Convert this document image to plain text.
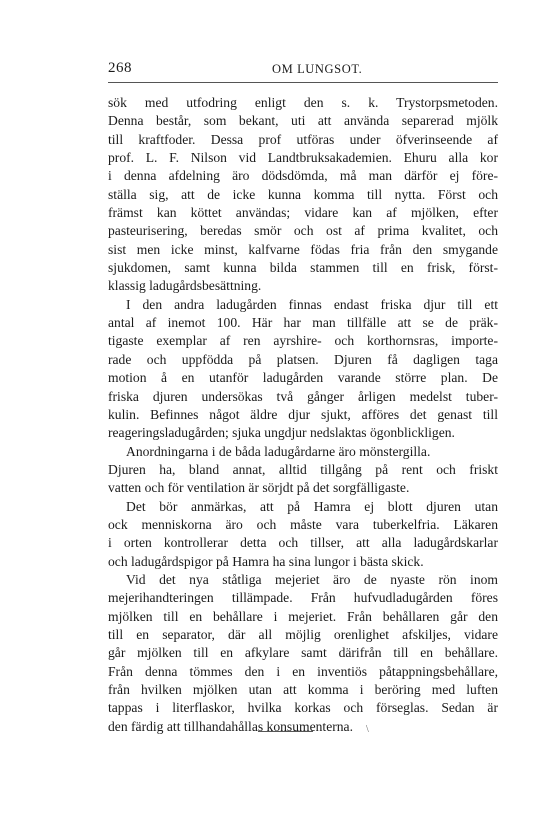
268	OM LUNGSOT.
sök med utfodring enligt den s. k. Trystorpsmetoden.
Denna består, som bekant, uti att använda separerad mjölk
till kraftfoder. Dessa prof utföras under öfverinseende af
prof. L. F. Nilson vid Landtbruksakademien. Ehuru alla kor
i denna afdelning äro dödsdömda, må man därför ej före-
ställa sig, att de icke kunna komma till nytta. Först och
främst kan köttet användas; vidare kan af mjölken, efter
pasteurisering, beredas smör och ost af prima kvalitet, och
sist men icke minst, kalfvarne födas fria från den smygande
sjukdomen, samt kunna bilda stammen till en frisk, först-
klassig ladugårdsbesättning.
I den andra ladugården finnas endast friska djur till ett
antal af inemot 100. Här har man tillfälle att se de präk-
tigaste exemplar af ren ayrshire- och korthornsras, importe-
rade och uppfödda på platsen. Djuren få dagligen taga
motion å en utanför ladugården varande större plan. De
friska djuren undersökas två gånger årligen medelst tuber-
kulin. Befinnes något äldre djur sjukt, afföres det genast till
reageringsladugården; sjuka ungdjur nedslaktas ögonblickligen.
Anordningarna i de båda ladugårdarne äro mönstergilla.
Djuren ha, bland annat, alltid tillgång på rent och friskt
vatten och för ventilation är sörjdt på det sorgfälligaste.
Det bör anmärkas, att på Hamra ej blott djuren utan
ock menniskorna äro och måste vara tuberkelfria. Läkaren
i orten kontrollerar detta och tillser, att alla ladugårdskarlar
och ladugårdspigor på Hamra ha sina lungor i bästa skick.
Vid det nya ståtliga mejeriet äro de nyaste rön inom
mejerihandteringen tillämpade. Från hufvudladugården föres
mjölken till en behållare i mejeriet. Från behållaren går den
till en separator, där all möjlig orenlighet afskiljes, vidare
går mjölken till en afkylare samt därifrån till en behållare.
Från denna tömmes den i en inventiös påtappningsbehållare,
från hvilken mjölken utan att komma i beröring med luften
tappas i literflaskor, hvilka korkas och förseglas. Sedan är
den färdig att tillhandahållas konsumenterna.	\
